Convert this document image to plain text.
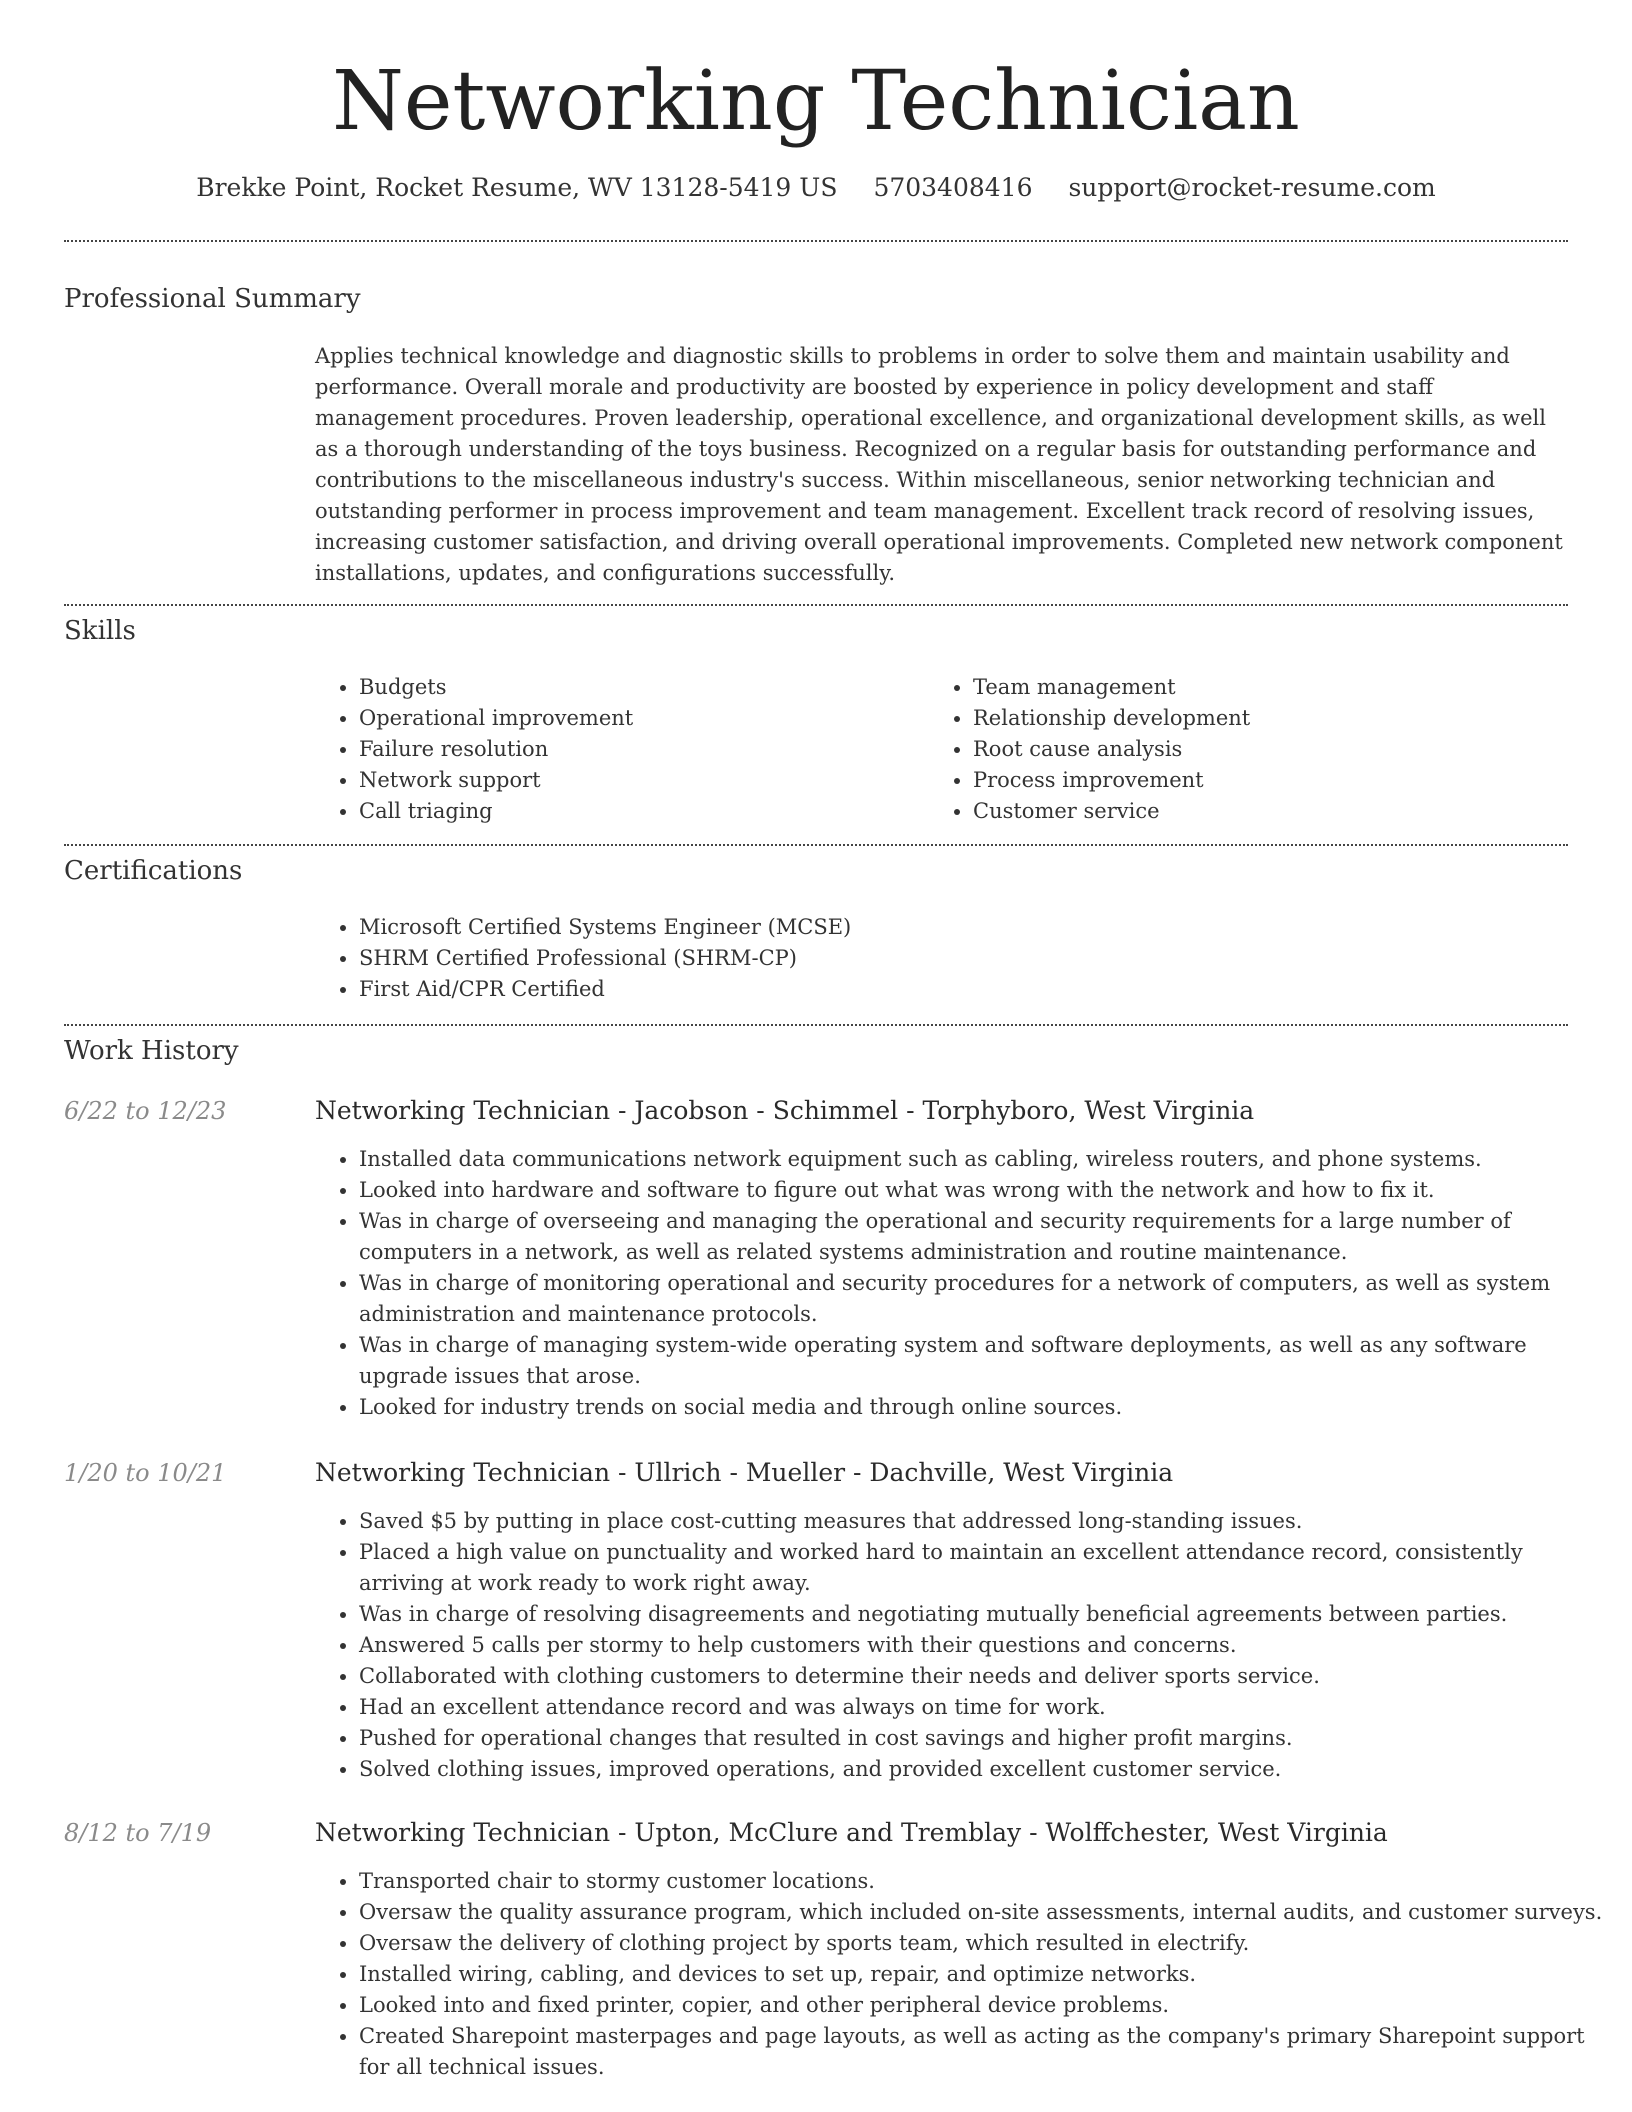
Networking Technician
Brekke Point, Rocket Resume, WV 13128-5419 US 5703408416 support@rocket-resume.com
Professional Summary

Applies technical knowledge and diagnostic skills to problems in order to solve them and maintain usability and performance. Overall morale and productivity are boosted by experience in policy development and staff management procedures. Proven leadership, operational excellence, and organizational development skills, as well as a thorough understanding of the toys business. Recognized on a regular basis for outstanding performance and contributions to the miscellaneous industry's success. Within miscellaneous, senior networking technician and outstanding performer in process improvement and team management. Excellent track record of resolving issues, increasing customer satisfaction, and driving overall operational improvements. Completed new network component installations, updates, and configurations successfully.

Skills
• Budgets
• Operational improvement
• Failure resolution
• Network support
• Call triaging
• Team management
• Relationship development
• Root cause analysis
• Process improvement
• Customer service
Certifications
• Microsoft Certified Systems Engineer (MCSE)
• SHRM Certified Professional (SHRM-CP)
• First Aid/CPR Certified
Work History
6/22 to 12/23	Networking Technician - Jacobson - Schimmel - Torphyboro, West Virginia
• Installed data communications network equipment such as cabling, wireless routers, and phone systems.
• Looked into hardware and software to figure out what was wrong with the network and how to fix it.
• Was in charge of overseeing and managing the operational and security requirements for a large number of computers in a network, as well as related systems administration and routine maintenance.
• Was in charge of monitoring operational and security procedures for a network of computers, as well as system administration and maintenance protocols.
• Was in charge of managing system-wide operating system and software deployments, as well as any software upgrade issues that arose.
• Looked for industry trends on social media and through online sources.
1/20 to 10/21	Networking Technician - Ullrich - Mueller - Dachville, West Virginia
• Saved $5 by putting in place cost-cutting measures that addressed long-standing issues.
• Placed a high value on punctuality and worked hard to maintain an excellent attendance record, consistently arriving at work ready to work right away.
• Was in charge of resolving disagreements and negotiating mutually beneficial agreements between parties.
• Answered 5 calls per stormy to help customers with their questions and concerns.
• Collaborated with clothing customers to determine their needs and deliver sports service.
• Had an excellent attendance record and was always on time for work.
• Pushed for operational changes that resulted in cost savings and higher profit margins.
• Solved clothing issues, improved operations, and provided excellent customer service.
8/12 to 7/19	Networking Technician - Upton, McClure and Tremblay - Wolffchester, West Virginia
• Transported chair to stormy customer locations.
• Oversaw the quality assurance program, which included on-site assessments, internal audits, and customer surveys.
• Oversaw the delivery of clothing project by sports team, which resulted in electrify.
• Installed wiring, cabling, and devices to set up, repair, and optimize networks.
• Looked into and fixed printer, copier, and other peripheral device problems.
• Created Sharepoint masterpages and page layouts, as well as acting as the company's primary Sharepoint support for all technical issues.
